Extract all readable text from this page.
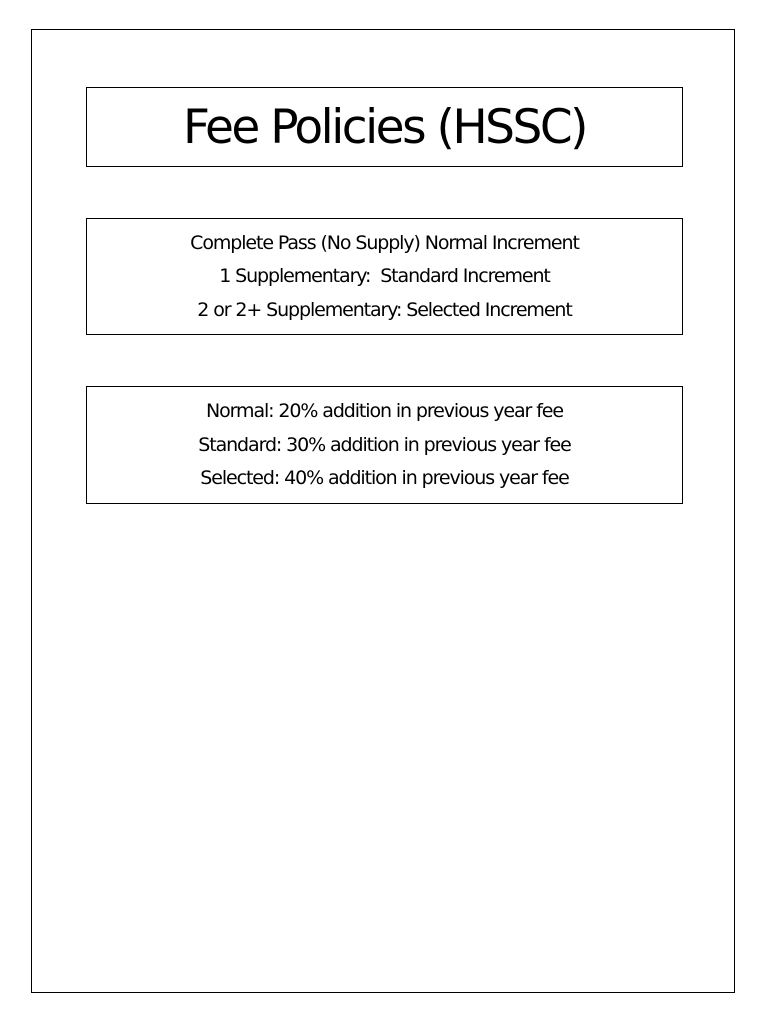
Fee Policies (HSSC)
Complete Pass (No Supply) Normal Increment
1 Supplementary:  Standard Increment
2 or 2+ Supplementary: Selected Increment
Normal: 20% addition in previous year fee
Standard: 30% addition in previous year fee
Selected: 40% addition in previous year fee
